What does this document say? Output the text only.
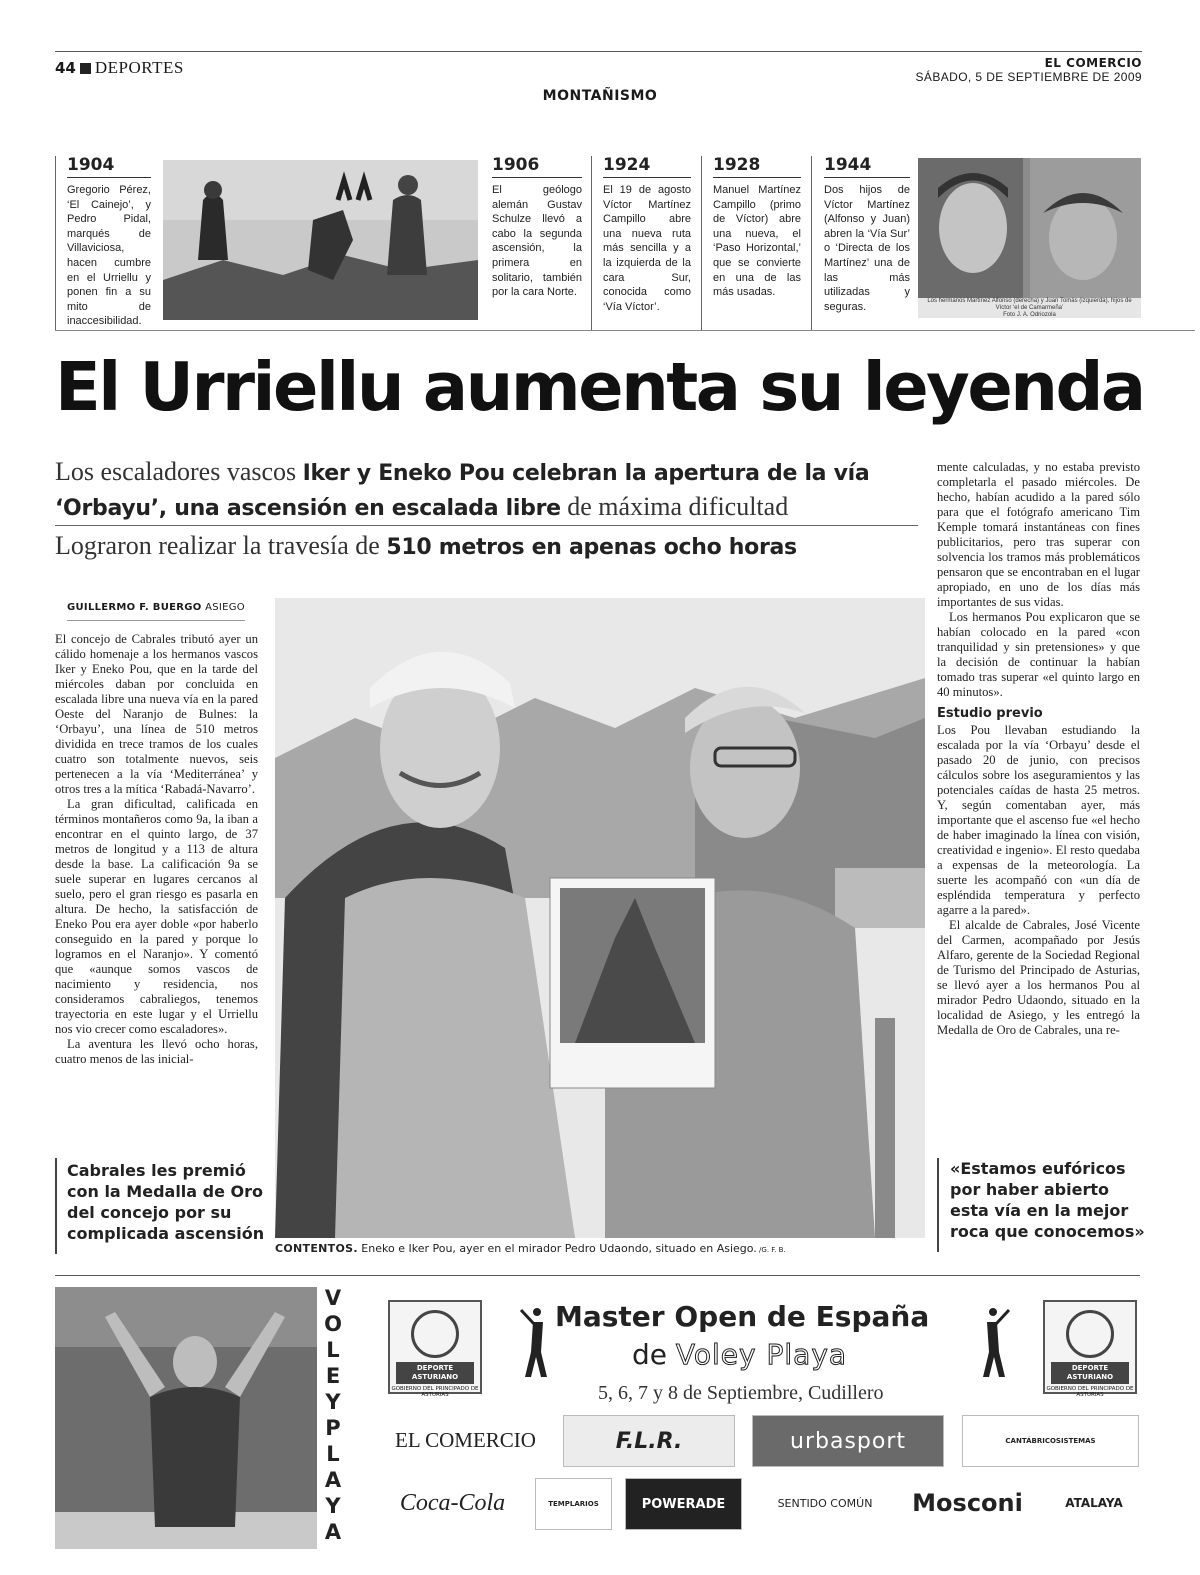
44 DEPORTES	EL COMERCIO
SÁBADO, 5 DE SEPTIEMBRE DE 2009
MONTAÑISMO
1904
Gregorio Pérez, ‘El Cainejo’, y Pedro Pidal, marqués de Villaviciosa, hacen cumbre en el Urriellu y ponen fin a su mito de inaccesibilidad.
1906
El geólogo alemán Gustav Schulze llevó a cabo la segunda ascensión, la primera en solitario, también por la cara Norte.
1924
El 19 de agosto Víctor Martínez Campillo abre una nueva ruta más sencilla y a la izquierda de la cara Sur, conocida como ‘Vía Víctor’.
1928
Manuel Martínez Campillo (primo de Víctor) abre una nueva, el ‘Paso Horizontal,’ que se convierte en una de las más usadas.
1944
Dos hijos de Víctor Martínez (Alfonso y Juan) abren la ‘Vía Sur’ o ‘Directa de los Martínez’ una de las más utilizadas y seguras.	Los hermanos Martínez Alfonso (derecha) y Juan Tomás (izquierda), hijos de Víctor ‘el de Camarmeña’
Foto J. A. Odriozola
El Urriellu aumenta su leyenda
Los escaladores vascos Iker y Eneko Pou celebran la apertura de la vía ‘Orbayu’, una ascensión en escalada libre de máxima dificultad
Lograron realizar la travesía de 510 metros en apenas ocho horas
GUILLERMO F. BUERGO ASIEGO

El concejo de Cabrales tributó ayer un cálido homenaje a los hermanos vascos Iker y Eneko Pou, que en la tarde del miércoles daban por concluida en escalada libre una nueva vía en la pared Oeste del Naranjo de Bulnes: la ‘Orbayu’, una línea de 510 metros dividida en trece tramos de los cuales cuatro son totalmente nuevos, seis pertenecen a la vía ‘Mediterránea’ y otros tres a la mítica ‘Rabadá-Navarro’.

La gran dificultad, calificada en términos montañeros como 9a, la iban a encontrar en el quinto largo, de 37 metros de longitud y a 113 de altura desde la base. La calificación 9a se suele superar en lugares cercanos al suelo, pero el gran riesgo es pasarla en altura. De hecho, la satisfacción de Eneko Pou era ayer doble «por haberlo conseguido en la pared y porque lo logramos en el Naranjo». Y comentó que «aunque somos vascos de nacimiento y residencia, nos consideramos cabraliegos, tenemos trayectoria en este lugar y el Urriellu nos vio crecer como escaladores».

La aventura les llevó ocho horas, cuatro menos de las inicial-

Cabrales les premió con la Medalla de Oro del concejo por su complicada ascensión
CONTENTOS. Eneko e Iker Pou, ayer en el mirador Pedro Udaondo, situado en Asiego. /G. F. B.

mente calculadas, y no estaba previsto completarla el pasado miércoles. De hecho, habían acudido a la pared sólo para que el fotógrafo americano Tim Kemple tomará instantáneas con fines publicitarios, pero tras superar con solvencia los tramos más problemáticos pensaron que se encontraban en el lugar apropiado, en uno de los días más importantes de sus vidas.

Los hermanos Pou explicaron que se habían colocado en la pared «con tranquilidad y sin pretensiones» y que la decisión de continuar la habían tomado tras superar «el quinto largo en 40 minutos».

Estudio previo

Los Pou llevaban estudiando la escalada por la vía ‘Orbayu’ desde el pasado 20 de junio, con precisos cálculos sobre los aseguramientos y las potenciales caídas de hasta 25 metros. Y, según comentaban ayer, más importante que el ascenso fue «el hecho de haber imaginado la línea con visión, creatividad e ingenio». El resto quedaba a expensas de la meteorología. La suerte les acompañó con «un día de espléndida temperatura y perfecto agarre a la pared».

El alcalde de Cabrales, José Vicente del Carmen, acompañado por Jesús Alfaro, gerente de la Sociedad Regional de Turismo del Principado de Asturias, se llevó ayer a los hermanos Pou al mirador Pedro Udaondo, situado en la localidad de Asiego, y les entregó la Medalla de Oro de Cabrales, una re-

«Estamos eufóricos por haber abierto esta vía en la mejor roca que conocemos»
V
O
L
E
Y
P
L
A
Y
A
DEPORTE ASTURIANO
GOBIERNO DEL PRINCIPADO DE ASTURIAS
DEPORTE ASTURIANO
GOBIERNO DEL PRINCIPADO DE ASTURIAS
Master Open de España
de Voley Playa
5, 6, 7 y 8 de Septiembre, Cudillero
EL COMERCIO	F.L.R.	urbasport	CANTÁBRICOSISTEMAS
Coca-Cola	TEMPLARIOS	POWERADE	SENTIDO COMÚN Mosconi	ATALAYA
